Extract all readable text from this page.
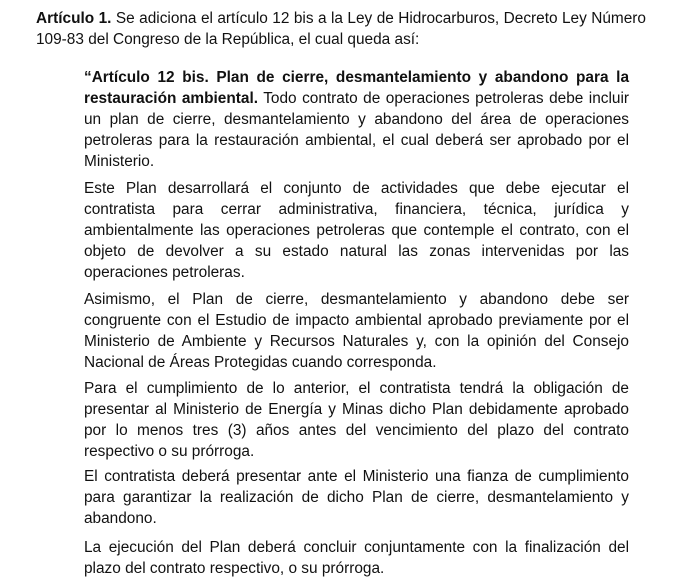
Artículo 1. Se adiciona el artículo 12 bis a la Ley de Hidrocarburos, Decreto Ley Número 109-83 del Congreso de la República, el cual queda así:

“Artículo 12 bis. Plan de cierre, desmantelamiento y abandono para la restauración ambiental. Todo contrato de operaciones petroleras debe incluir un plan de cierre, desmantelamiento y abandono del área de operaciones petroleras para la restauración ambiental, el cual deberá ser aprobado por el Ministerio.

Este Plan desarrollará el conjunto de actividades que debe ejecutar el contratista para cerrar administrativa, financiera, técnica, jurídica y ambientalmente las operaciones petroleras que contemple el contrato, con el objeto de devolver a su estado natural las zonas intervenidas por las operaciones petroleras.

Asimismo, el Plan de cierre, desmantelamiento y abandono debe ser congruente con el Estudio de impacto ambiental aprobado previamente por el Ministerio de Ambiente y Recursos Naturales y, con la opinión del Consejo Nacional de Áreas Protegidas cuando corresponda.

Para el cumplimiento de lo anterior, el contratista tendrá la obligación de presentar al Ministerio de Energía y Minas dicho Plan debidamente aprobado por lo menos tres (3) años antes del vencimiento del plazo del contrato respectivo o su prórroga.

El contratista deberá presentar ante el Ministerio una fianza de cumplimiento para garantizar la realización de dicho Plan de cierre, desmantelamiento y abandono.

La ejecución del Plan deberá concluir conjuntamente con la finalización del plazo del contrato respectivo, o su prórroga.
